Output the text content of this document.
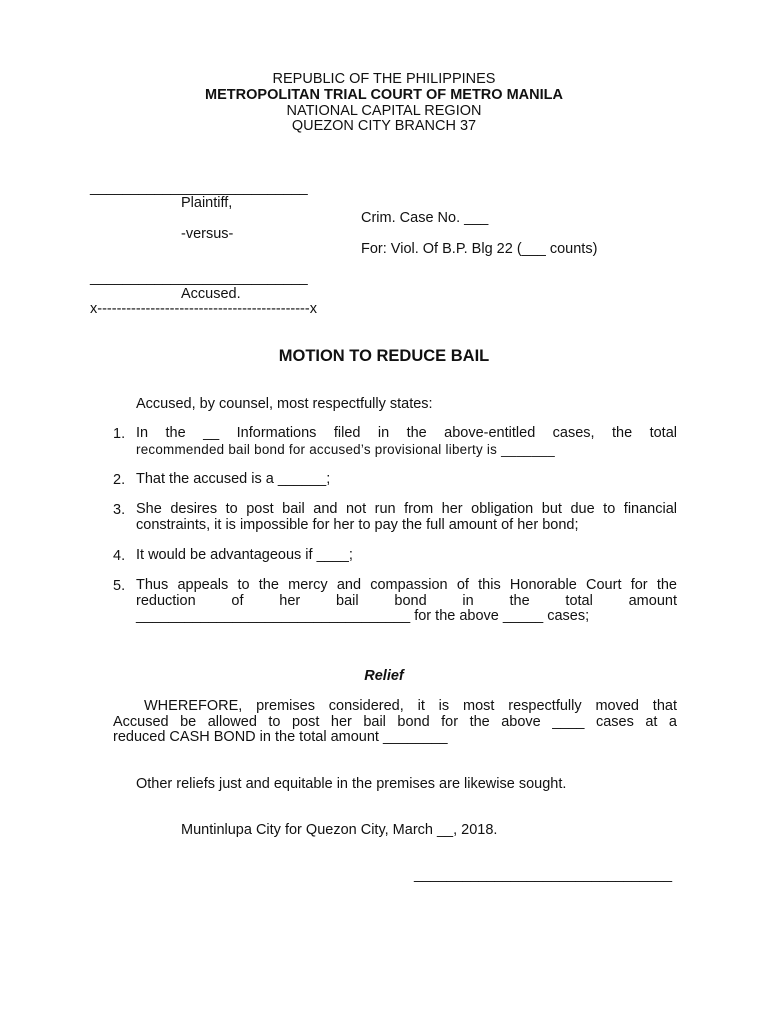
REPUBLIC OF THE PHILIPPINES
METROPOLITAN TRIAL COURT OF METRO MANILA
NATIONAL CAPITAL REGION
QUEZON CITY BRANCH 37
___________________________
Plaintiff,
-versus-
___________________________
Accused.
x--------------------------------------------x
Crim. Case No. ___
For: Viol. Of B.P. Blg 22 (___ counts)
MOTION TO REDUCE BAIL
Accused, by counsel, most respectfully states:
1. In the __ Informations filed in the above-entitled cases, the total
recommended bail bond for accused’s provisional liberty is _______
2. That the accused is a ______;
3. She desires to post bail and not run from her obligation but due to financial
constraints, it is impossible for her to pay the full amount of her bond;
4. It would be advantageous if ____;
5. Thus appeals to the mercy and compassion of this Honorable Court for the
reduction of her bail bond in the total amount
__________________________________ for the above _____ cases;
Relief
WHEREFORE, premises considered, it is most respectfully moved that
Accused be allowed to post her bail bond for the above ____ cases at a
reduced CASH BOND in the total amount ________
Other reliefs just and equitable in the premises are likewise sought.
Muntinlupa City for Quezon City, March __, 2018.
________________________________
